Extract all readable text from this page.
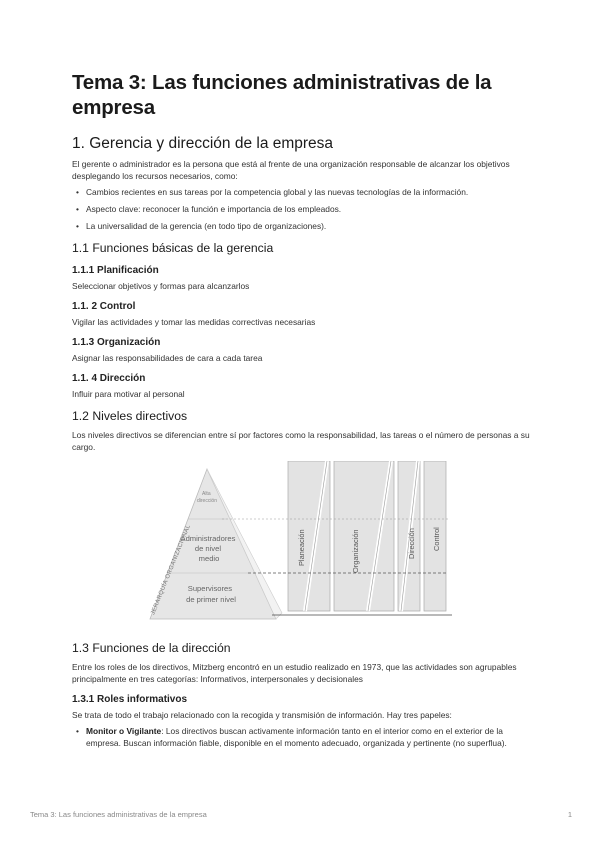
Tema 3: Las funciones administrativas de la empresa
1. Gerencia y dirección de la empresa

El gerente o administrador es la persona que está al frente de una organización responsable de alcanzar los objetivos desplegando los recursos necesarios, como:

• Cambios recientes en sus tareas por la competencia global y las nuevas tecnologías de la información.
• Aspecto clave: reconocer la función e importancia de los empleados.
• La universalidad de la gerencia (en todo tipo de organizaciones).
1.1 Funciones básicas de la gerencia
1.1.1 Planificación

Seleccionar objetivos y formas para alcanzarlos

1.1. 2 Control

Vigilar las actividades y tomar las medidas correctivas necesarias

1.1.3 Organización

Asignar las responsabilidades de cara a cada tarea

1.1. 4 Dirección

Influir para motivar al personal

1.2 Niveles directivos

Los niveles directivos se diferencian entre sí por factores como la responsabilidad, las tareas o el número de personas a su cargo.

Alta dirección
Administradores de nivel medio
Supervisores de primer nivel
JERARQUÍA ORGANIZACIONAL	Planeación	Organización	Dirección Control
1.3 Funciones de la dirección

Entre los roles de los directivos, Mitzberg encontró en un estudio realizado en 1973, que las actividades son agrupables principalmente en tres categorías: Informativos, interpersonales y decisionales

1.3.1 Roles informativos

Se trata de todo el trabajo relacionado con la recogida y transmisión de información. Hay tres papeles:

• Monitor o Vigilante: Los directivos buscan activamente información tanto en el interior como en el exterior de la empresa. Buscan información fiable, disponible en el momento adecuado, organizada y pertinente (no superflua).
Tema 3: Las funciones administrativas de la empresa	1
